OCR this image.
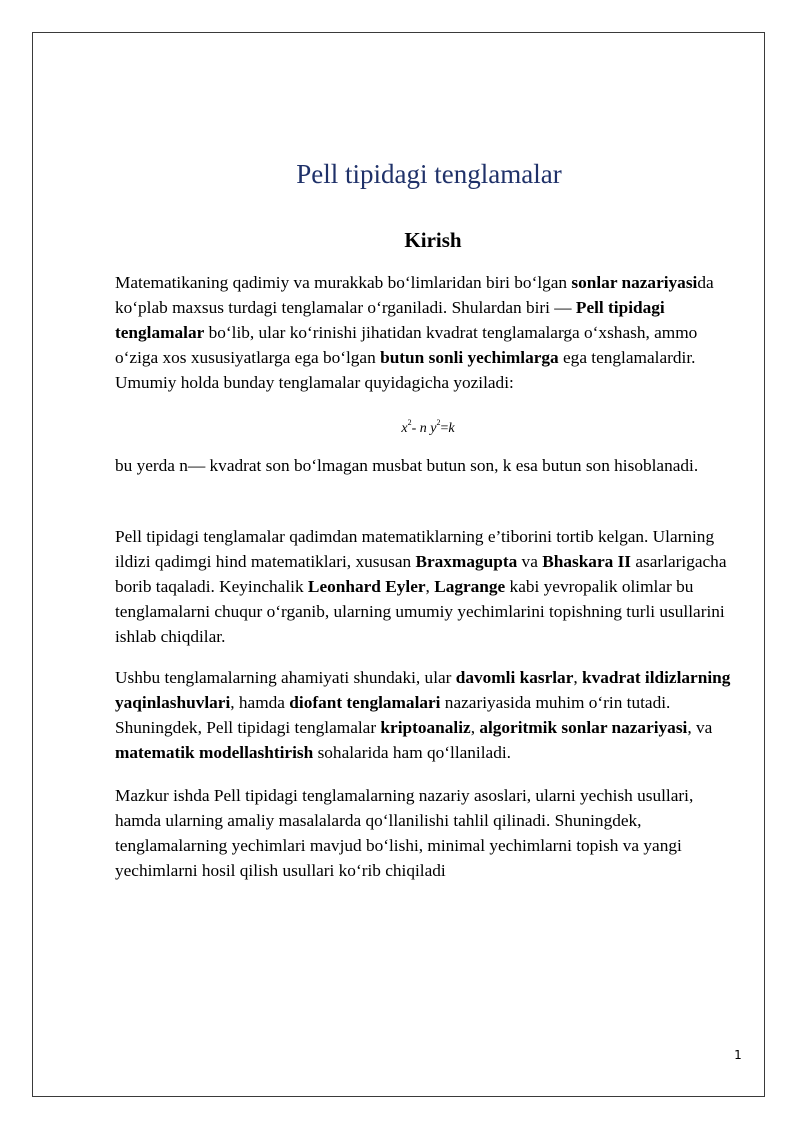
Pell tipidagi tenglamalar
Kirish

Matematikaning qadimiy va murakkab bo‘limlaridan biri bo‘lgan sonlar nazariyasida ko‘plab maxsus turdagi tenglamalar o‘rganiladi. Shulardan biri — Pell tipidagi tenglamalar bo‘lib, ular ko‘rinishi jihatidan kvadrat tenglamalarga o‘xshash, ammo o‘ziga xos xususiyatlarga ega bo‘lgan butun sonli yechimlarga ega tenglamalardir. Umumiy holda bunday tenglamalar quyidagicha yoziladi:

$x^2-$ n $y^2=k$

bu yerda n— kvadrat son bo‘lmagan musbat butun son, k esa butun son hisoblanadi.

Pell tipidagi tenglamalar qadimdan matematiklarning e’tiborini tortib kelgan. Ularning ildizi qadimgi hind matematiklari, xususan Braxmagupta va Bhaskara II asarlarigacha borib taqaladi. Keyinchalik Leonhard Eyler, Lagrange kabi yevropalik olimlar bu tenglamalarni chuqur o‘rganib, ularning umumiy yechimlarini topishning turli usullarini ishlab chiqdilar.

Ushbu tenglamalarning ahamiyati shundaki, ular davomli kasrlar, kvadrat ildizlarning yaqinlashuvlari, hamda diofant tenglamalari nazariyasida muhim o‘rin tutadi. Shuningdek, Pell tipidagi tenglamalar kriptoanaliz, algoritmik sonlar nazariyasi, va matematik modellashtirish sohalarida ham qo‘llaniladi.

Mazkur ishda Pell tipidagi tenglamalarning nazariy asoslari, ularni yechish usullari, hamda ularning amaliy masalalarda qo‘llanilishi tahlil qilinadi. Shuningdek, tenglamalarning yechimlari mavjud bo‘lishi, minimal yechimlarni topish va yangi yechimlarni hosil qilish usullari ko‘rib chiqiladi

1
